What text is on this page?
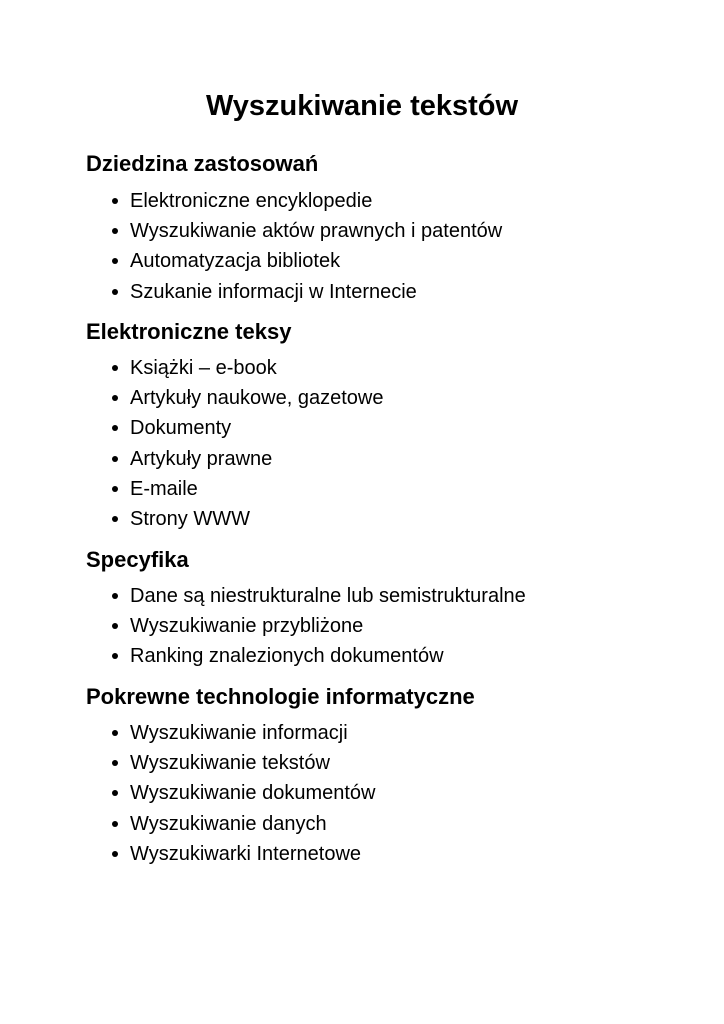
Wyszukiwanie tekstów
Dziedzina zastosowań
Elektroniczne encyklopedie
Wyszukiwanie aktów prawnych i patentów
Automatyzacja bibliotek
Szukanie informacji w Internecie
Elektroniczne teksy
Książki – e-book
Artykuły naukowe, gazetowe
Dokumenty
Artykuły prawne
E-maile
Strony WWW
Specyfika
Dane są niestrukturalne lub semistrukturalne
Wyszukiwanie przybliżone
Ranking znalezionych dokumentów
Pokrewne technologie informatyczne
Wyszukiwanie informacji
Wyszukiwanie tekstów
Wyszukiwanie dokumentów
Wyszukiwanie danych
Wyszukiwarki Internetowe
